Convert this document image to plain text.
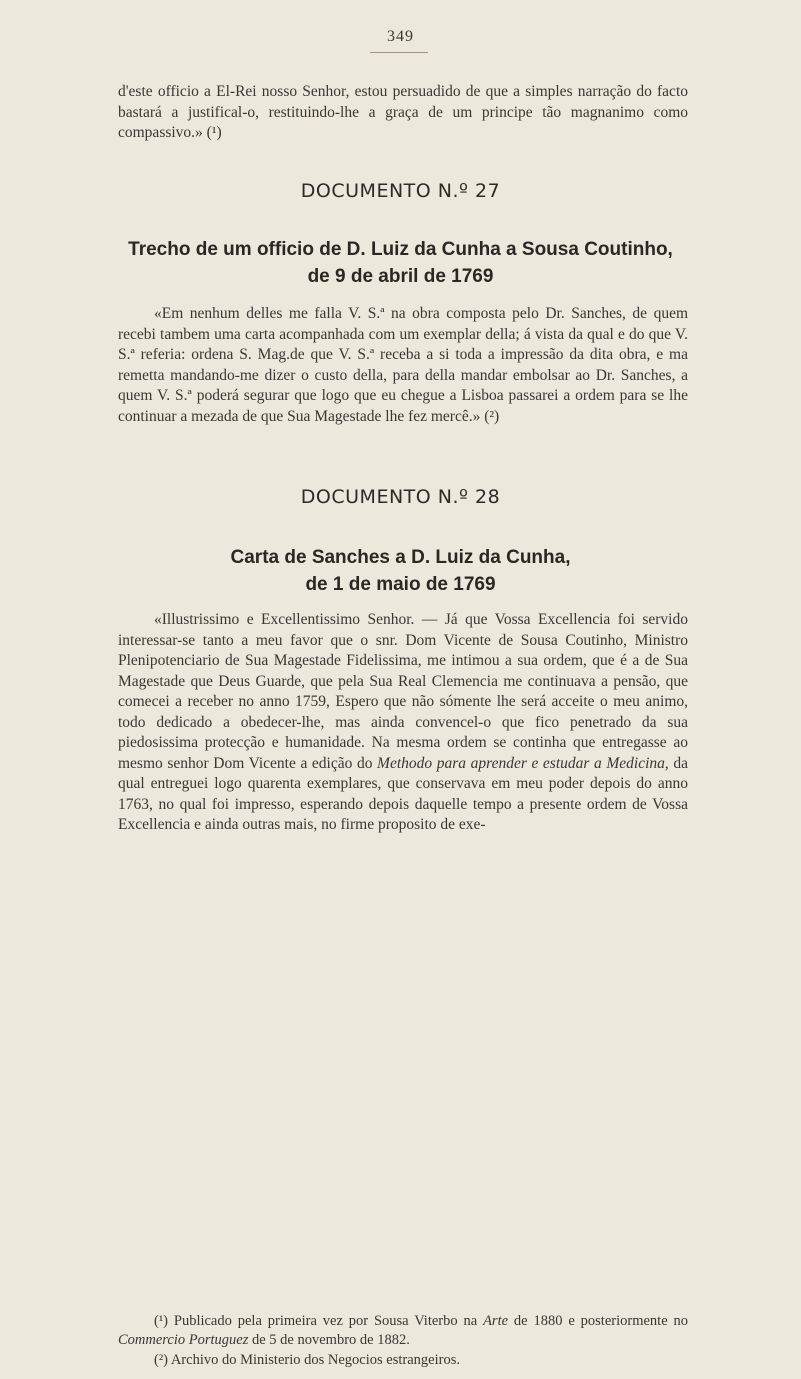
349
d'este officio a El-Rei nosso Senhor, estou persuadido de que a simples narração do facto bastará a justifical-o, restituindo-lhe a graça de um principe tão magnanimo como compassivo.» (¹)
DOCUMENTO N.º 27
Trecho de um officio de D. Luiz da Cunha a Sousa Coutinho,
de 9 de abril de 1769
«Em nenhum delles me falla V. S.ª na obra composta pelo Dr. Sanches, de quem recebi tambem uma carta acompanhada com um exemplar della; á vista da qual e do que V. S.ª referia: ordena S. Mag.de que V. S.ª receba a si toda a impressão da dita obra, e ma remetta mandando-me dizer o custo della, para della mandar embolsar ao Dr. Sanches, a quem V. S.ª poderá segurar que logo que eu chegue a Lisboa passarei a ordem para se lhe continuar a mezada de que Sua Magestade lhe fez mercê.» (²)
DOCUMENTO N.º 28
Carta de Sanches a D. Luiz da Cunha,
de 1 de maio de 1769
«Illustrissimo e Excellentissimo Senhor. — Já que Vossa Excellencia foi servido interessar-se tanto a meu favor que o snr. Dom Vicente de Sousa Coutinho, Ministro Plenipotenciario de Sua Magestade Fidelissima, me intimou a sua ordem, que é a de Sua Magestade que Deus Guarde, que pela Sua Real Clemencia me continuava a pensão, que comecei a receber no anno 1759, Espero que não sómente lhe será acceite o meu animo, todo dedicado a obedecer-lhe, mas ainda convencel-o que fico penetrado da sua piedosissima protecção e humanidade. Na mesma ordem se continha que entregasse ao mesmo senhor Dom Vicente a edição do Methodo para aprender e estudar a Medicina, da qual entreguei logo quarenta exemplares, que conservava em meu poder depois do anno 1763, no qual foi impresso, esperando depois daquelle tempo a presente ordem de Vossa Excellencia e ainda outras mais, no firme proposito de exe-
(¹) Publicado pela primeira vez por Sousa Viterbo na Arte de 1880 e posteriormente no Commercio Portuguez de 5 de novembro de 1882.
(²) Archivo do Ministerio dos Negocios estrangeiros.
